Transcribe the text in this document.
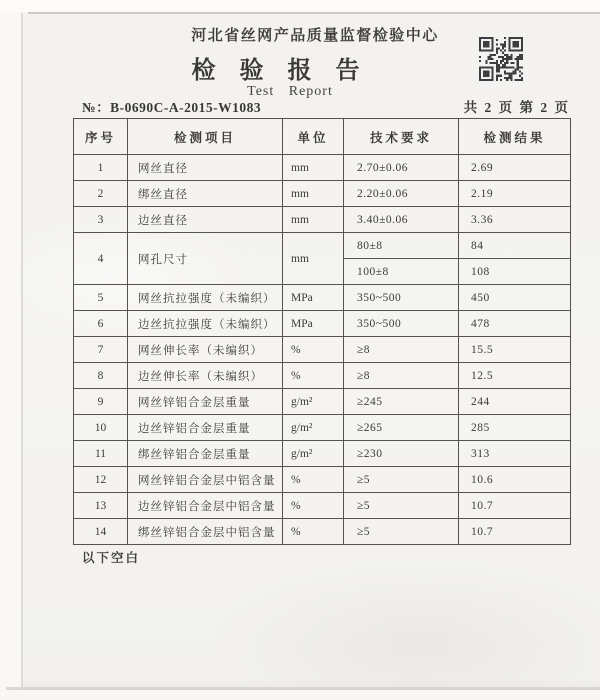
河北省丝网产品质量监督检验中心
检 验 报 告
Test Report
№：B-0690C-A-2015-W1083	共 2 页 第 2 页
序号	检测项目	单位	技术要求	检测结果
1	网丝直径	mm	2.70±0.06	2.69
2	绑丝直径	mm	2.20±0.06	2.19
3	边丝直径	mm	3.40±0.06	3.36
4	网孔尺寸	mm	80±8	84
			100±8	108
5	网丝抗拉强度（未编织）	MPa	350~500	450
6	边丝抗拉强度（未编织）	MPa	350~500	478
7	网丝伸长率（未编织）	%	≥8	15.5
8	边丝伸长率（未编织）	%	≥8	12.5
9	网丝锌铝合金层重量	g/m²	≥245	244
10	边丝锌铝合金层重量	g/m²	≥265	285
11	绑丝锌铝合金层重量	g/m²	≥230	313
12	网丝锌铝合金层中铝含量	%	≥5	10.6
13	边丝锌铝合金层中铝含量	%	≥5	10.7
14	绑丝锌铝合金层中铝含量	%	≥5	10.7
以下空白
